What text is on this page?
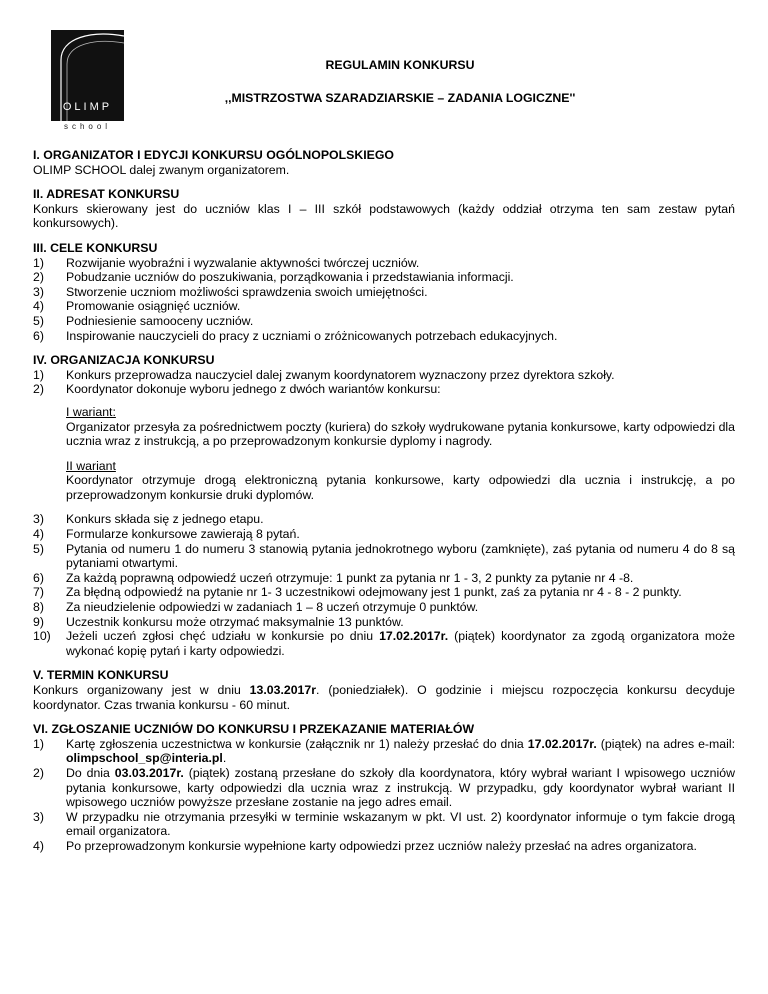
OLIMP
school
REGULAMIN KONKURSU
,,MISTRZOSTWA SZARADZIARSKIE – ZADANIA LOGICZNE''
I. ORGANIZATOR I EDYCJI KONKURSU OGÓLNOPOLSKIEGO
OLIMP SCHOOL dalej zwanym organizatorem.
II. ADRESAT KONKURSU
Konkurs skierowany jest do uczniów klas I – III szkół podstawowych (każdy oddział otrzyma ten sam zestaw pytań konkursowych).
III. CELE KONKURSU
1)	Rozwijanie wyobraźni i wyzwalanie aktywności twórczej uczniów.
2)	Pobudzanie uczniów do poszukiwania, porządkowania i przedstawiania informacji.
3)	Stworzenie uczniom możliwości sprawdzenia swoich umiejętności.
4)	Promowanie osiągnięć uczniów.
5)	Podniesienie samooceny uczniów.
6)	Inspirowanie nauczycieli do pracy z uczniami o zróżnicowanych potrzebach edukacyjnych.
IV. ORGANIZACJA KONKURSU
1)	Konkurs przeprowadza nauczyciel dalej zwanym koordynatorem wyznaczony przez dyrektora szkoły.
2)	Koordynator dokonuje wyboru jednego z dwóch wariantów konkursu:
I wariant:
Organizator przesyła za pośrednictwem poczty (kuriera) do szkoły wydrukowane pytania konkursowe, karty odpowiedzi dla ucznia wraz z instrukcją, a po przeprowadzonym konkursie dyplomy i nagrody.
II wariant
Koordynator otrzymuje drogą elektroniczną pytania konkursowe, karty odpowiedzi dla ucznia i instrukcję, a po przeprowadzonym konkursie druki dyplomów.
3)	Konkurs składa się z jednego etapu.
4)	Formularze konkursowe zawierają 8 pytań.
5)	Pytania od numeru 1 do numeru 3 stanowią pytania jednokrotnego wyboru (zamknięte), zaś pytania od numeru 4 do 8 są pytaniami otwartymi.
6)	Za każdą poprawną odpowiedź uczeń otrzymuje: 1 punkt za pytania nr 1 - 3, 2 punkty za pytanie nr 4 -8.
7)	Za błędną odpowiedź na pytanie nr 1- 3 uczestnikowi odejmowany jest 1 punkt, zaś za pytania nr 4 - 8 - 2 punkty.
8)	Za nieudzielenie odpowiedzi w zadaniach 1 – 8 uczeń otrzymuje 0 punktów.
9)	Uczestnik konkursu może otrzymać maksymalnie 13 punktów.
10)	Jeżeli uczeń zgłosi chęć udziału w konkursie po dniu 17.02.2017r. (piątek) koordynator za zgodą organizatora może wykonać kopię pytań i karty odpowiedzi.
V. TERMIN KONKURSU
Konkurs organizowany jest w dniu 13.03.2017r. (poniedziałek). O godzinie i miejscu rozpoczęcia konkursu decyduje koordynator. Czas trwania konkursu - 60 minut.
VI. ZGŁOSZANIE UCZNIÓW DO KONKURSU I PRZEKAZANIE MATERIAŁÓW
1)	Kartę zgłoszenia uczestnictwa w konkursie (załącznik nr 1) należy przesłać do dnia 17.02.2017r. (piątek) na adres e-mail: olimpschool_sp@interia.pl.
2)	Do dnia 03.03.2017r. (piątek) zostaną przesłane do szkoły dla koordynatora, który wybrał wariant I wpisowego uczniów pytania konkursowe, karty odpowiedzi dla ucznia wraz z instrukcją. W przypadku, gdy koordynator wybrał wariant II wpisowego uczniów powyższe przesłane zostanie na jego adres email.
3)	W przypadku nie otrzymania przesyłki w terminie wskazanym w pkt. VI ust. 2) koordynator informuje o tym fakcie drogą email organizatora.
4)	Po przeprowadzonym konkursie wypełnione karty odpowiedzi przez uczniów należy przesłać na adres organizatora.
